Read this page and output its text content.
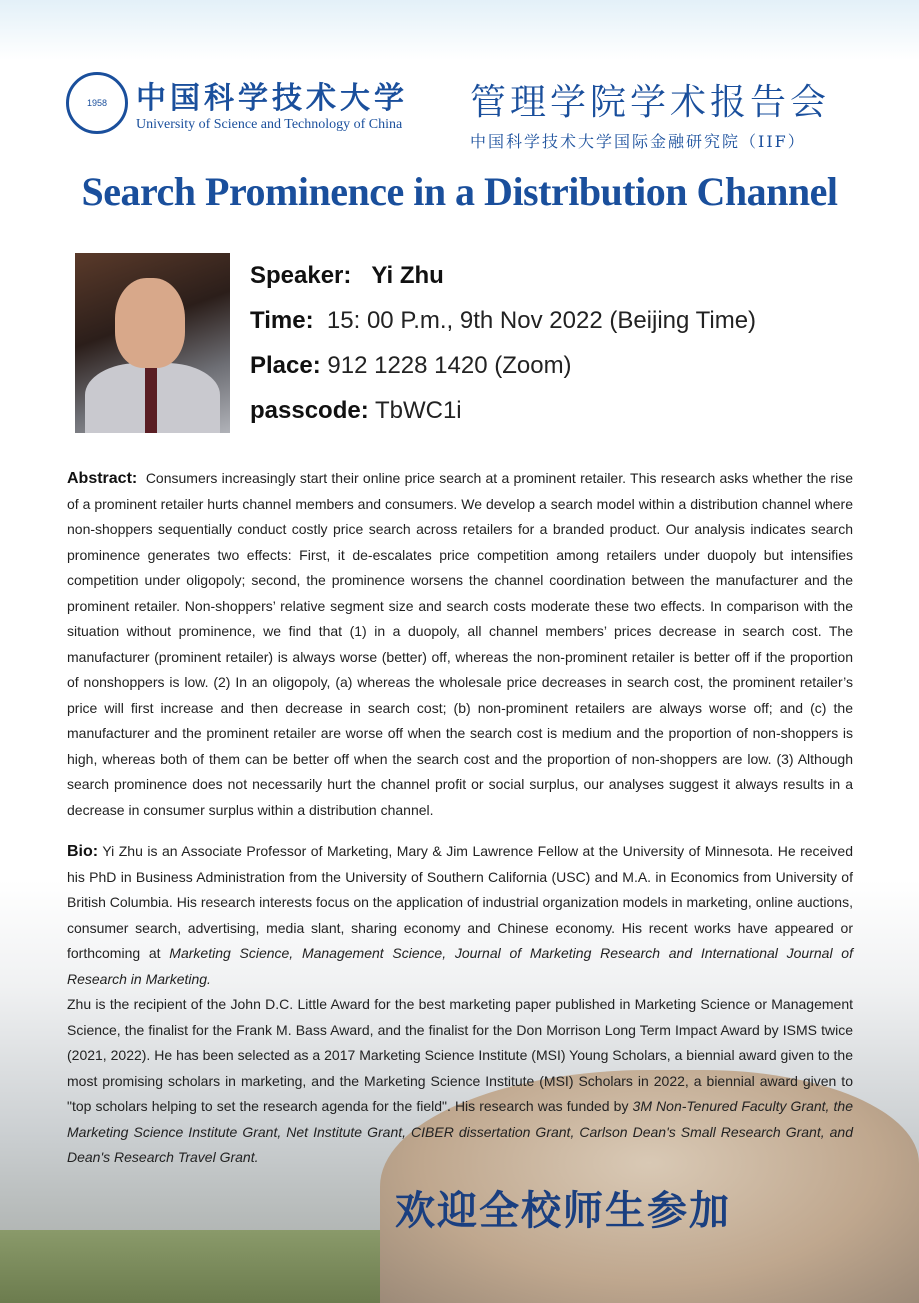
1958 中国科学技术大学
University of Science and Technology of China
管理学院学术报告会
中国科学技术大学国际金融研究院（IIF）
Search Prominence in a Distribution Channel
Speaker: Yi Zhu
Time: 15: 00 P.m., 9th Nov 2022 (Beijing Time)
Place: 912 1228 1420 (Zoom)
passcode: TbWC1i
Abstract: Consumers increasingly start their online price search at a prominent retailer. This research asks whether the rise of a prominent retailer hurts channel members and consumers. We develop a search model within a distribution channel where non-shoppers sequentially conduct costly price search across retailers for a branded product. Our analysis indicates search prominence generates two effects: First, it de-escalates price competition among retailers under duopoly but intensifies competition under oligopoly; second, the prominence worsens the channel coordination between the manufacturer and the prominent retailer. Non-shoppers’ relative segment size and search costs moderate these two effects. In comparison with the situation without prominence, we find that (1) in a duopoly, all channel members’ prices decrease in search cost. The manufacturer (prominent retailer) is always worse (better) off, whereas the non-prominent retailer is better off if the proportion of nonshoppers is low. (2) In an oligopoly, (a) whereas the wholesale price decreases in search cost, the prominent retailer’s price will first increase and then decrease in search cost; (b) non-prominent retailers are always worse off; and (c) the manufacturer and the prominent retailer are worse off when the search cost is medium and the proportion of non-shoppers is high, whereas both of them can be better off when the search cost and the proportion of non-shoppers are low. (3) Although search prominence does not necessarily hurt the channel profit or social surplus, our analyses suggest it always results in a decrease in consumer surplus within a distribution channel.
Bio: Yi Zhu is an Associate Professor of Marketing, Mary & Jim Lawrence Fellow at the University of Minnesota. He received his PhD in Business Administration from the University of Southern California (USC) and M.A. in Economics from University of British Columbia. His research interests focus on the application of industrial organization models in marketing, online auctions, consumer search, advertising, media slant, sharing economy and Chinese economy. His recent works have appeared or forthcoming at Marketing Science, Management Science, Journal of Marketing Research and International Journal of Research in Marketing.
Zhu is the recipient of the John D.C. Little Award for the best marketing paper published in Marketing Science or Management Science, the finalist for the Frank M. Bass Award, and the finalist for the Don Morrison Long Term Impact Award by ISMS twice (2021, 2022). He has been selected as a 2017 Marketing Science Institute (MSI) Young Scholars, a biennial award given to the most promising scholars in marketing, and the Marketing Science Institute (MSI) Scholars in 2022, a biennial award given to "top scholars helping to set the research agenda for the field". His research was funded by 3M Non-Tenured Faculty Grant, the Marketing Science Institute Grant, Net Institute Grant, CIBER dissertation Grant, Carlson Dean's Small Research Grant, and Dean's Research Travel Grant.
欢迎全校师生参加
